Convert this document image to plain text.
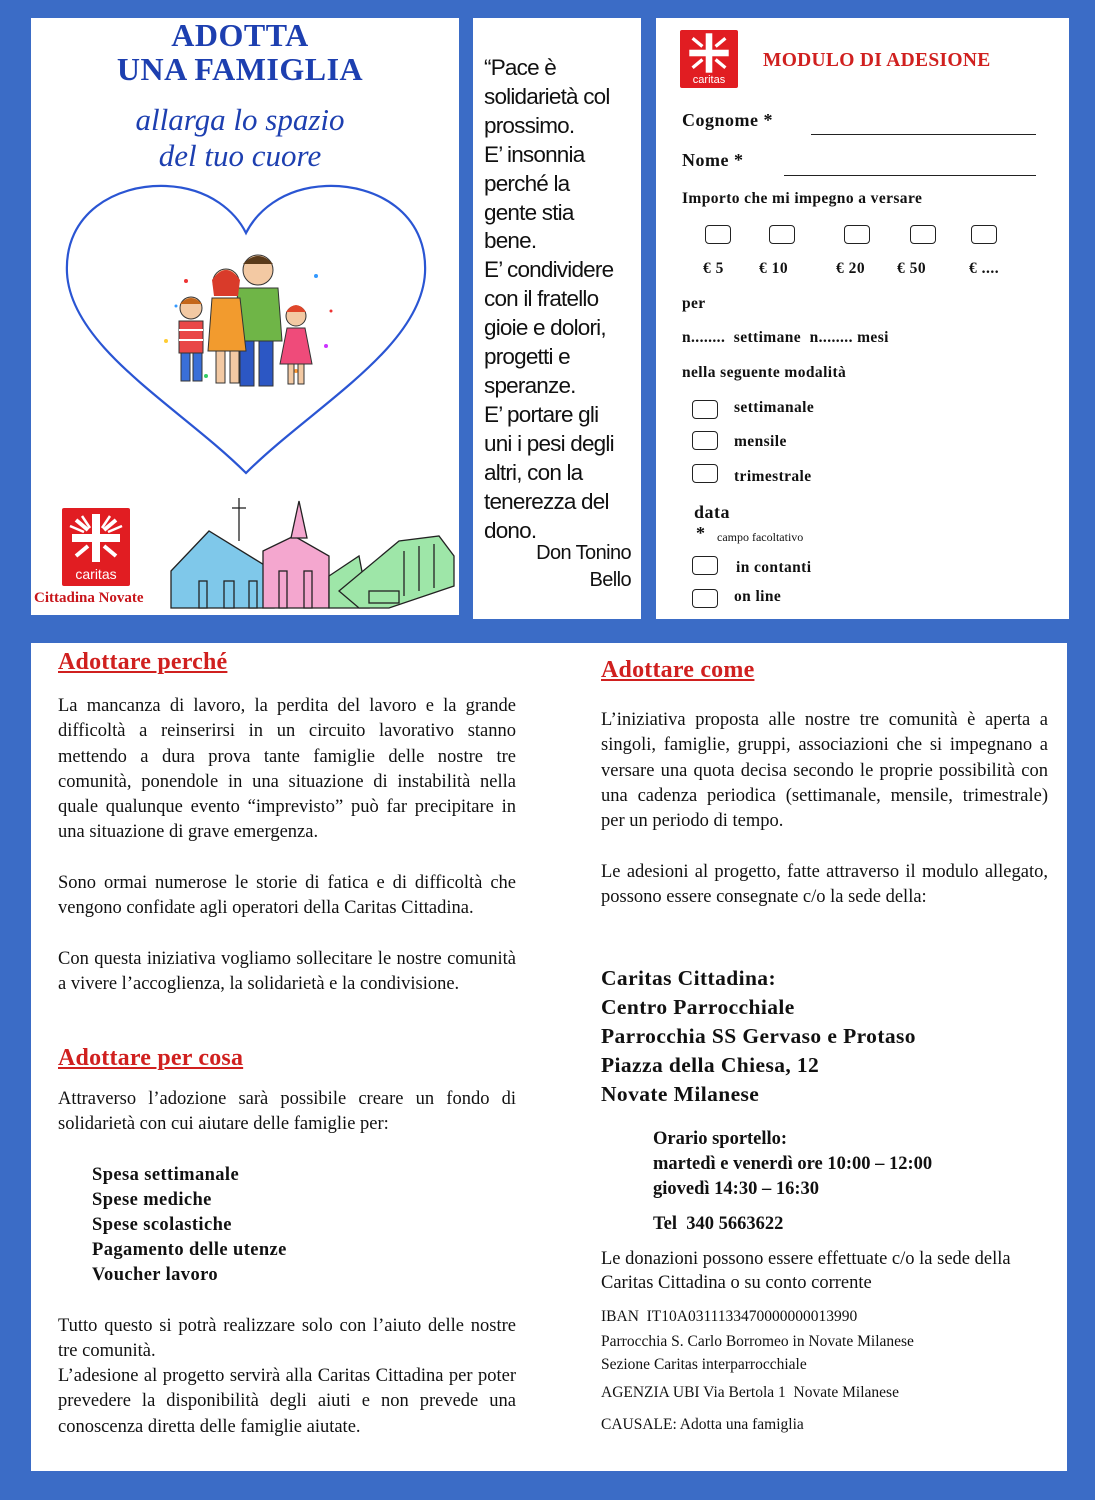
ADOTTA
UNA FAMIGLIA
allarga lo spazio
del tuo cuore
caritas
Cittadina Novate
“Pace è
solidarietà col
prossimo.
E’ insonnia
perché la
gente stia
bene.
E’ condividere
con il fratello
gioie e dolori,
progetti e
speranze.
E’ portare gli
uni i pesi degli
altri, con la
tenerezza del
dono.
Don Tonino
Bello
caritas
MODULO DI ADESIONE
Cognome *
Nome *
Importo che mi impegno a versare
€ 5 € 10	€ 20 € 50	€ ....
per
n........  settimane  n........ mesi
nella seguente modalità
settimanale
mensile
trimestrale
data
* campo facoltativo
in contanti
on line
Adottare perché
La mancanza di lavoro, la perdita del lavoro e la grande difficoltà a reinserirsi in un circuito lavorativo stanno mettendo a dura prova tante famiglie delle nostre tre comunità, ponendole in una situazione di instabilità nella quale qualunque evento “imprevisto” può far precipitare in una situazione di grave emergenza.
Sono ormai numerose le storie di fatica e di difficoltà che vengono confidate agli operatori della Caritas Cittadina.
Con questa iniziativa vogliamo sollecitare le nostre comunità a vivere l’accoglienza, la solidarietà e la condivisione.
Adottare per cosa
Attraverso l’adozione sarà possibile creare un fondo di solidarietà con cui aiutare delle famiglie per:
Spesa settimanale
Spese mediche
Spese scolastiche
Pagamento delle utenze
Voucher lavoro
Tutto questo si potrà realizzare solo con l’aiuto delle nostre tre comunità.
L’adesione al progetto servirà alla Caritas Cittadina per poter prevedere la disponibilità degli aiuti e non prevede una conoscenza diretta delle famiglie aiutate.
Adottare come
L’iniziativa proposta alle nostre tre comunità è aperta a singoli, famiglie, gruppi, associazioni che si impegnano a versare una quota decisa secondo le proprie possibilità con una cadenza periodica (settimanale, mensile, trimestrale) per un periodo di tempo.
Le adesioni al progetto, fatte attraverso il modulo allegato, possono essere consegnate c/o la sede della:
Caritas Cittadina:
Centro Parrocchiale
Parrocchia SS Gervaso e Protaso
Piazza della Chiesa, 12
Novate Milanese
Orario sportello:
martedì e venerdì ore 10:00 – 12:00
giovedì 14:30 – 16:30
Tel  340 5663622
Le donazioni possono essere effettuate c/o la sede della Caritas Cittadina o su conto corrente
IBAN  IT10A0311133470000000013990
Parrocchia S. Carlo Borromeo in Novate Milanese
Sezione Caritas interparrocchiale
AGENZIA UBI Via Bertola 1  Novate Milanese
CAUSALE: Adotta una famiglia
